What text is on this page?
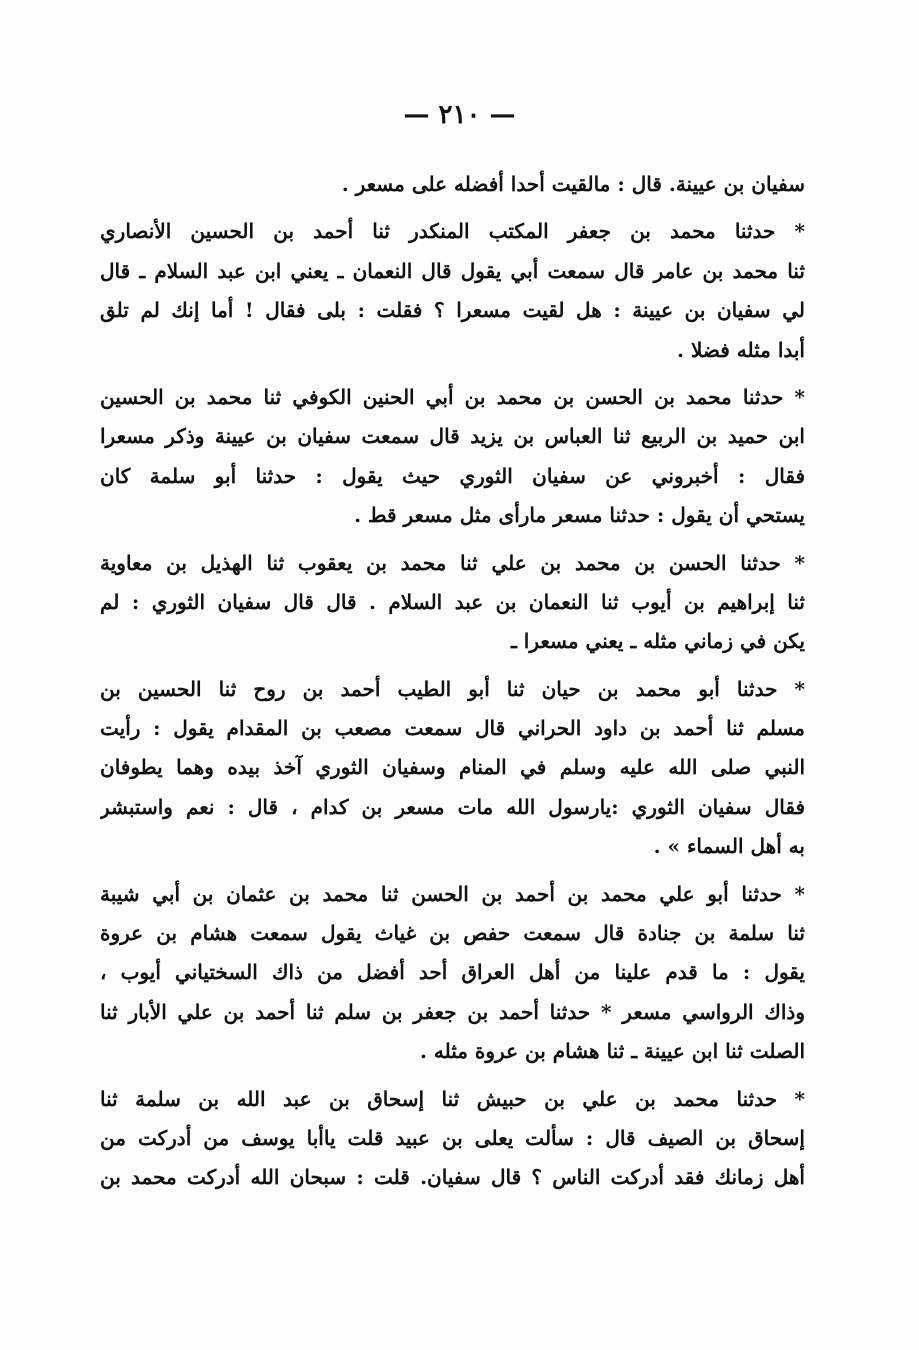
— ٢١٠ —
سفيان بن عيينة. قال : مالقيت أحدا أفضله على مسعر .
* حدثنا محمد بن جعفر المكتب المنكدر ثنا أحمد بن الحسين الأنصاري
ثنا محمد بن عامر قال سمعت أبي يقول قال النعمان ـ يعني ابن عبد السلام ـ قال
لي سفيان بن عيينة : هل لقيت مسعرا ؟ فقلت : بلى فقال ! أما إنك لم تلق
أبدا مثله فضلا .
* حدثنا محمد بن الحسن بن محمد بن أبي الحنين الكوفي ثنا محمد بن الحسين
ابن حميد بن الربيع ثنا العباس بن يزيد قال سمعت سفيان بن عيينة وذكر مسعرا
فقال : أخبروني عن سفيان الثوري حيث يقول : حدثنا أبو سلمة كان
يستحي أن يقول : حدثنا مسعر مارأى مثل مسعر قط .
* حدثنا الحسن بن محمد بن علي ثنا محمد بن يعقوب ثنا الهذيل بن معاوية
ثنا إبراهيم بن أيوب ثنا النعمان بن عبد السلام . قال قال سفيان الثوري : لم
يكن في زماني مثله ـ يعني مسعرا ـ
* حدثنا أبو محمد بن حيان ثنا أبو الطيب أحمد بن روح ثنا الحسين بن
مسلم ثنا أحمد بن داود الحراني قال سمعت مصعب بن المقدام يقول : رأيت
النبي صلى الله عليه وسلم في المنام وسفيان الثوري آخذ بيده وهما يطوفان
فقال سفيان الثوري :يارسول الله مات مسعر بن كدام ، قال : نعم واستبشر
به أهل السماء » .
* حدثنا أبو علي محمد بن أحمد بن الحسن ثنا محمد بن عثمان بن أبي شيبة
ثنا سلمة بن جنادة قال سمعت حفص بن غياث يقول سمعت هشام بن عروة
يقول : ما قدم علينا من أهل العراق أحد أفضل من ذاك السختياني أيوب ،
وذاك الرواسي مسعر * حدثنا أحمد بن جعفر بن سلم ثنا أحمد بن علي الأبار ثنا
الصلت ثنا ابن عيينة ـ ثنا هشام بن عروة مثله .
* حدثنا محمد بن علي بن حبيش ثنا إسحاق بن عبد الله بن سلمة ثنا
إسحاق بن الصيف قال : سألت يعلى بن عبيد قلت ياأبا يوسف من أدركت من
أهل زمانك فقد أدركت الناس ؟ قال سفيان. قلت : سبحان الله أدركت محمد بن
